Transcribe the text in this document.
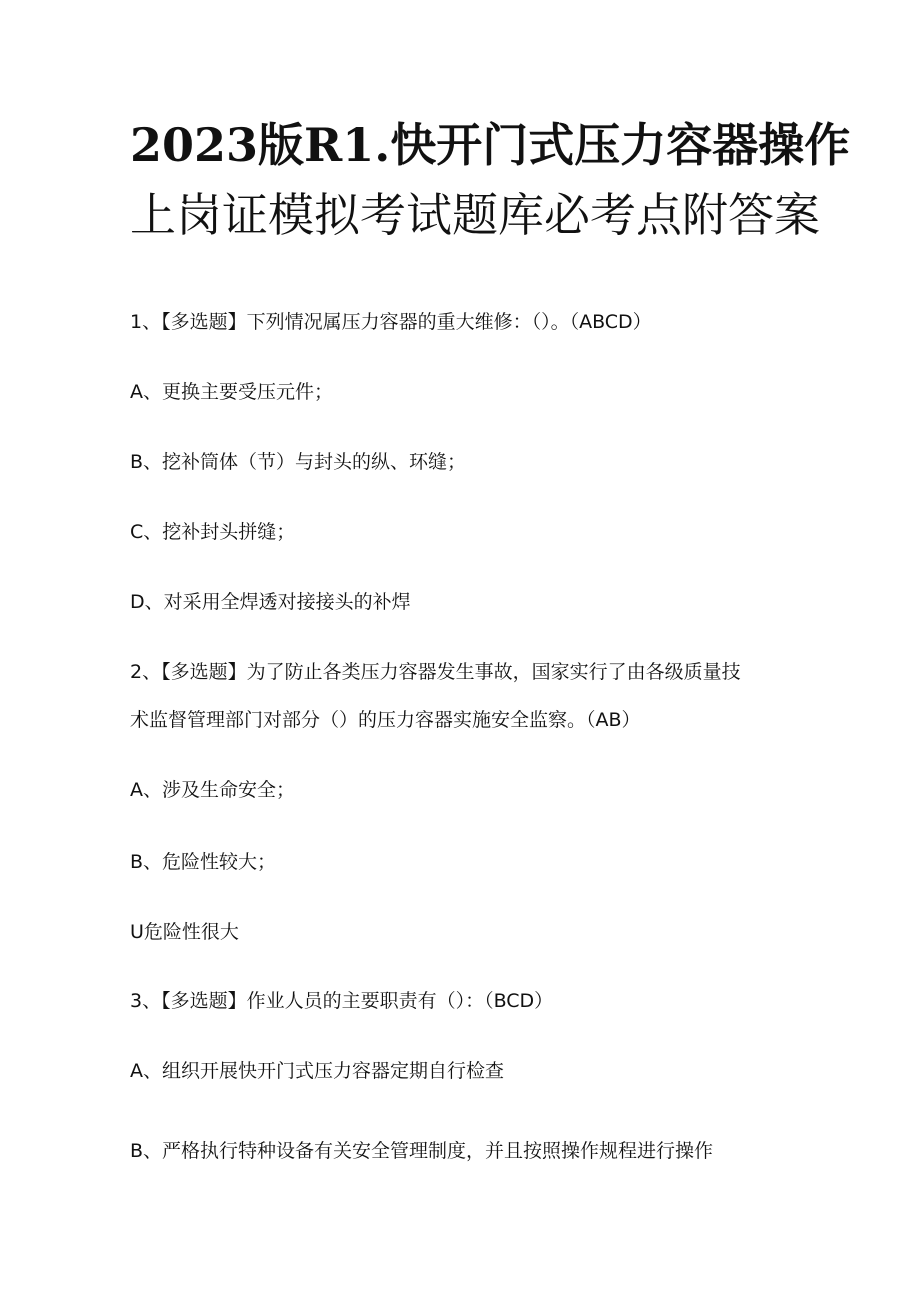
2023版R1.快开门式压力容器操作
上岗证模拟考试题库必考点附答案

1、【多选题】下列情况属压力容器的重大维修：（）。（ABCD）

A、更换主要受压元件；

B、挖补筒体（节）与封头的纵、环缝；

C、挖补封头拼缝；

D、对采用全焊透对接接头的补焊

2、【多选题】为了防止各类压力容器发生事故，国家实行了由各级质量技

术监督管理部门对部分（）的压力容器实施安全监察。（AB）

A、涉及生命安全；

B、危险性较大；

U危险性很大

3、【多选题】作业人员的主要职责有（）：（BCD）

A、组织开展快开门式压力容器定期自行检查

B、严格执行特种设备有关安全管理制度，并且按照操作规程进行操作
